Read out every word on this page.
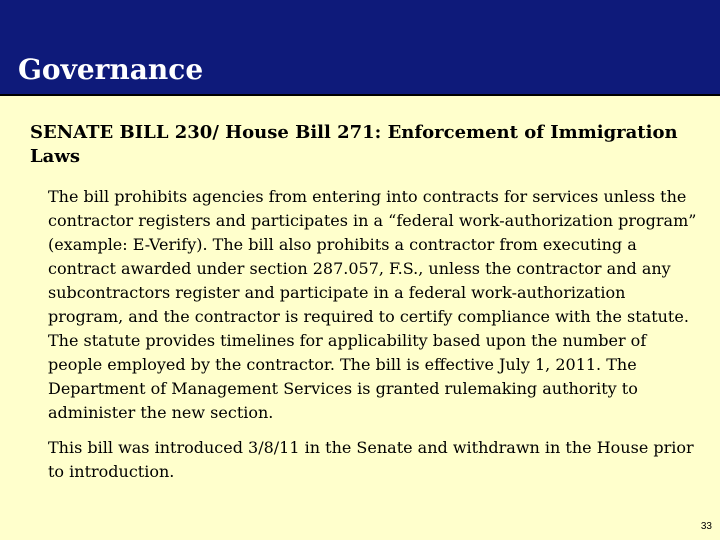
Governance
SENATE BILL 230/ House Bill 271: Enforcement of Immigration Laws

The bill prohibits agencies from entering into contracts for services unless the contractor registers and participates in a “federal work-authorization program” (example: E-Verify). The bill also prohibits a contractor from executing a contract awarded under section 287.057, F.S., unless the contractor and any subcontractors register and participate in a federal work-authorization program, and the contractor is required to certify compliance with the statute. The statute provides timelines for applicability based upon the number of people employed by the contractor. The bill is effective July 1, 2011. The Department of Management Services is granted rulemaking authority to administer the new section.

This bill was introduced 3/8/11 in the Senate and withdrawn in the House prior to introduction.

33
